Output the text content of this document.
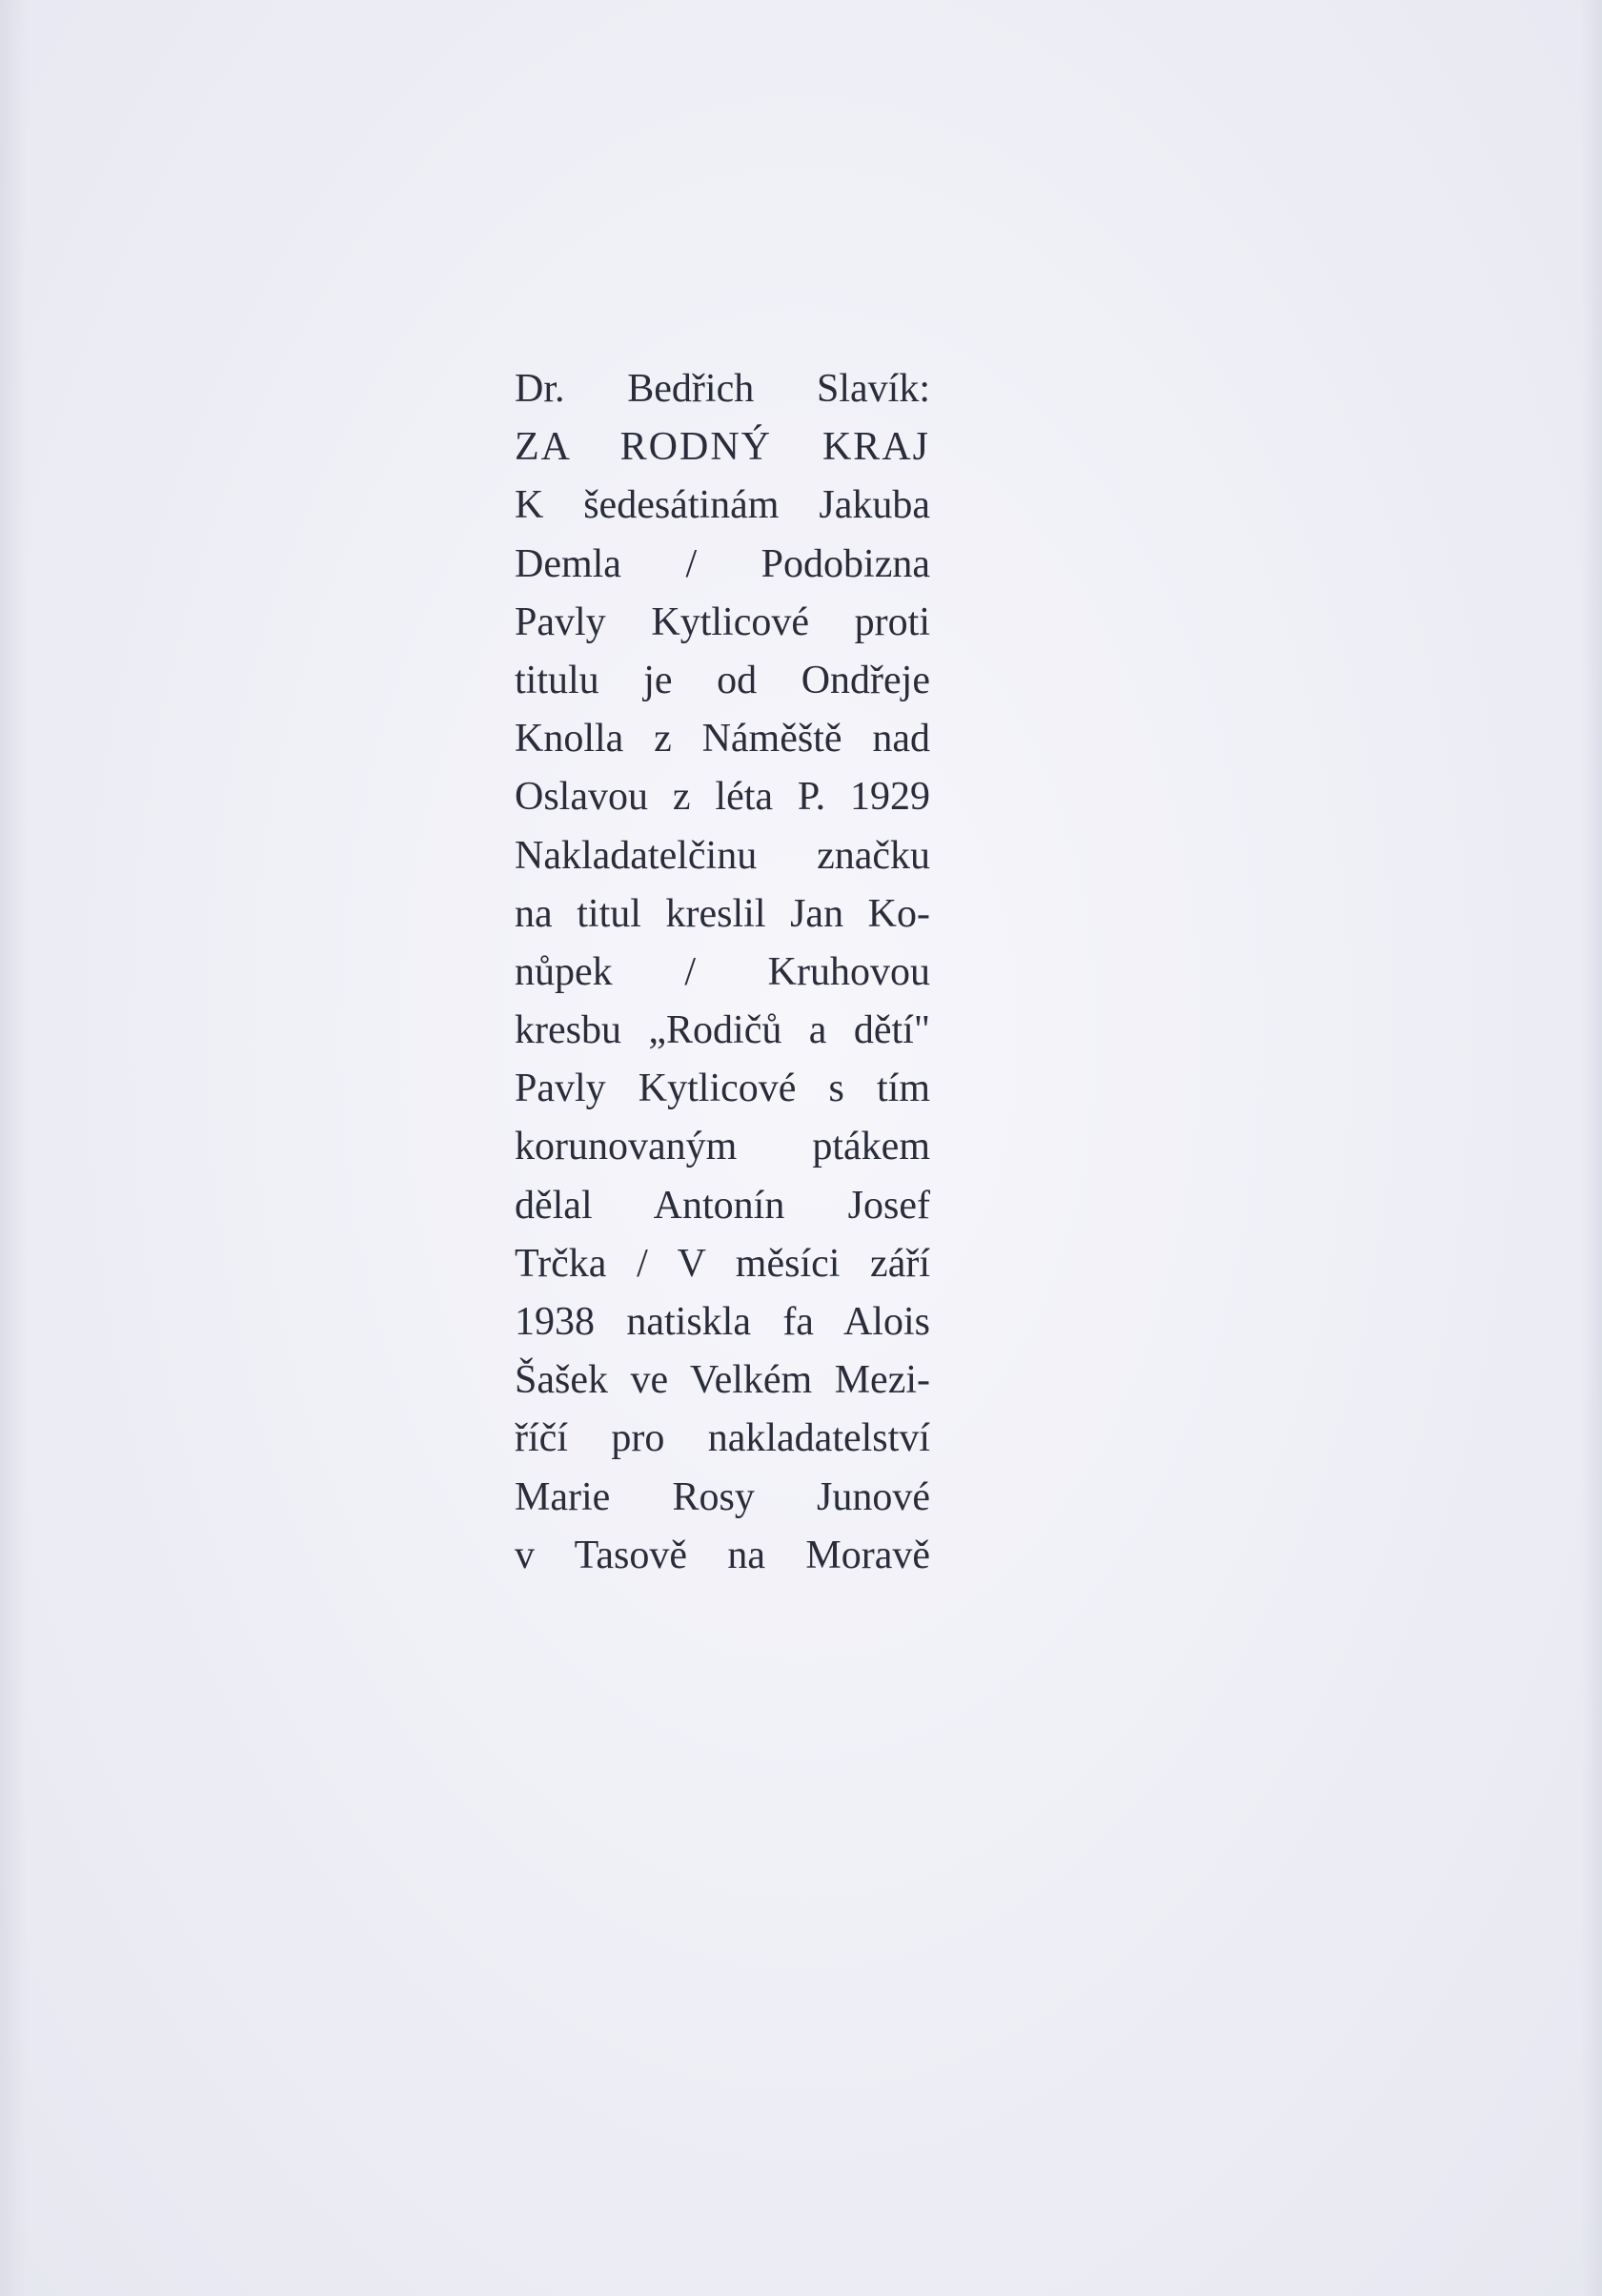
Dr. Bedřich Slavík:
ZA RODNÝ KRAJ
K šedesátinám Jakuba
Demla / Podobizna
Pavly Kytlicové proti
titulu je od Ondřeje
Knolla z Náměště nad
Oslavou z léta P. 1929
Nakladatelčinu značku
na titul kreslil Jan Ko-
nůpek / Kruhovou
kresbu „Rodičů a dětí"
Pavly Kytlicové s tím
korunovaným ptákem
dělal Antonín Josef
Trčka / V měsíci září
1938 natiskla fa Alois
Šašek ve Velkém Mezi-
říčí pro nakladatelství
Marie Rosy Junové
v Tasově na Moravě
